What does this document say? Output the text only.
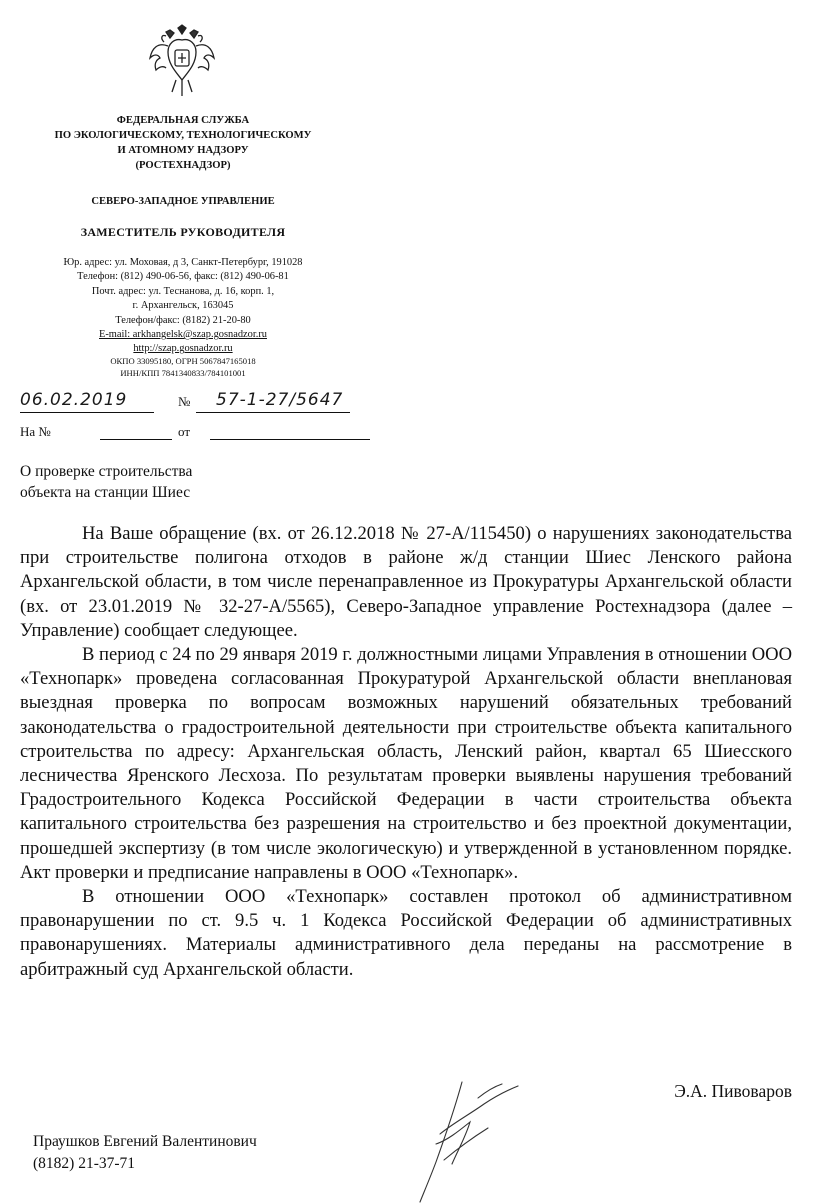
ФЕДЕРАЛЬНАЯ СЛУЖБА
ПО ЭКОЛОГИЧЕСКОМУ, ТЕХНОЛОГИЧЕСКОМУ
И АТОМНОМУ НАДЗОРУ
(РОСТЕХНАДЗОР)
СЕВЕРО-ЗАПАДНОЕ УПРАВЛЕНИЕ
ЗАМЕСТИТЕЛЬ РУКОВОДИТЕЛЯ
Юр. адрес: ул. Моховая, д 3, Санкт-Петербург, 191028
Телефон: (812) 490-06-56, факс: (812) 490-06-81
Почт. адрес: ул. Теснанова, д. 16, корп. 1,
г. Архангельск, 163045
Телефон/факс: (8182) 21-20-80
E-mail: arkhangelsk@szap.gosnadzor.ru
http://szap.gosnadzor.ru
ОКПО 33095180, ОГРН 5067847165018
ИНН/КПП 7841340833/784101001
06.02.2019	№	57-1-27/5647
На №	от
О проверке строительства
объекта на станции Шиес

На Ваше обращение (вх. от 26.12.2018 № 27-А/115450) о нарушениях законодательства при строительстве полигона отходов в районе ж/д станции Шиес Ленского района Архангельской области, в том числе перенаправленное из Прокуратуры Архангельской области (вх. от 23.01.2019 № 32-27-А/5565), Северо-Западное управление Ростехнадзора (далее – Управление) сообщает следующее.

В период с 24 по 29 января 2019 г. должностными лицами Управления в отношении ООО «Технопарк» проведена согласованная Прокуратурой Архангельской области внеплановая выездная проверка по вопросам возможных нарушений обязательных требований законодательства о градостроительной деятельности при строительстве объекта капитального строительства по адресу: Архангельская область, Ленский район, квартал 65 Шиесского лесничества Яренского Лесхоза. По результатам проверки выявлены нарушения требований Градостроительного Кодекса Российской Федерации в части строительства объекта капитального строительства без разрешения на строительство и без проектной документации, прошедшей экспертизу (в том числе экологическую) и утвержденной в установленном порядке. Акт проверки и предписание направлены в ООО «Технопарк».

В отношении ООО «Технопарк» составлен протокол об административном правонарушении по ст. 9.5 ч. 1 Кодекса Российской Федерации об административных правонарушениях. Материалы административного дела переданы на рассмотрение в арбитражный суд Архангельской области.

Э.А. Пивоваров
Праушков Евгений Валентинович
(8182) 21-37-71
